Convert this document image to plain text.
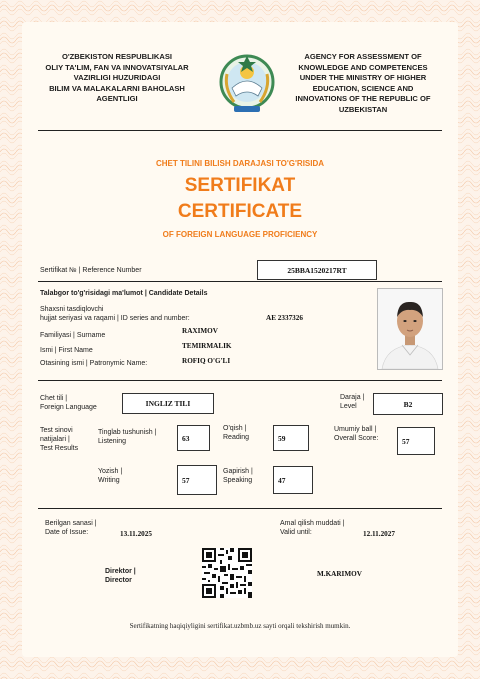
O'ZBEKISTON RESPUBLIKASI
OLIY TA'LIM, FAN VA INNOVATSIYALAR
VAZIRLIGI HUZURIDAGI
BILIM VA MALAKALARNI BAHOLASH
AGENTLIGI
AGENCY FOR ASSESSMENT OF
KNOWLEDGE AND COMPETENCES
UNDER THE MINISTRY OF HIGHER
EDUCATION, SCIENCE AND
INNOVATIONS OF THE REPUBLIC OF
UZBEKISTAN
CHET TILINI BILISH DARAJASI TO'G'RISIDA
SERTIFIKAT
CERTIFICATE
OF FOREIGN LANGUAGE PROFICIENCY
Sertifikat № | Reference Number	25BBA1520217RT
Talabgor to'g'risidagi ma'lumot | Candidate Details
Shaxsni tasdiqlovchi
hujjat seriyasi va raqami | ID series and number:	AE 2337326
Familiyasi | Surname
RAXIMOV
Ismi | First Name
TEMIRMALIK
Otasining ismi | Patronymic Name:	ROFIQ O'G'LI
Chet tili |
Foreign Language	INGLIZ TILI
Daraja |
Level	B2
Test sinovi
natijalari |
Test Results
Tinglab tushunish |
Listening	63
O'qish |
Reading	59
Umumiy ball |
Overall Score:	57
Yozish |
Writing	57
Gapirish |
Speaking	47
Berilgan sanasi |
Date of Issue:	13.11.2025
Amal qilish muddati |
Valid until:	12.11.2027
Direktor |
Director
M.KARIMOV
Sertifikatning haqiqiyligini sertifikat.uzbmb.uz sayti orqali tekshirish mumkin.
